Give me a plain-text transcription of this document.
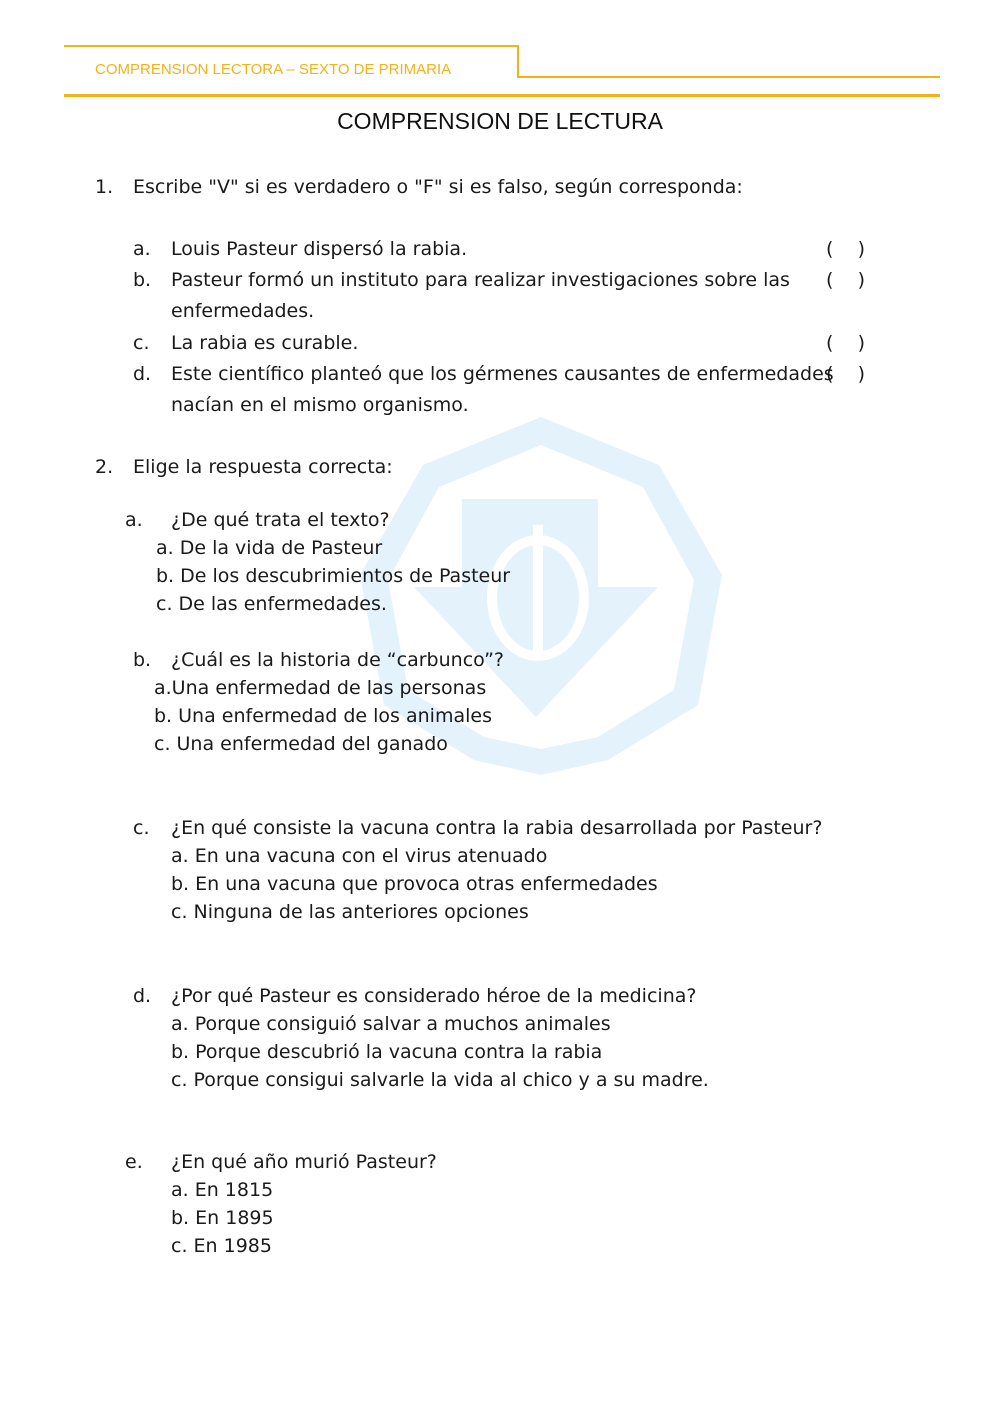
COMPRENSION LECTORA – SEXTO DE PRIMARIA
COMPRENSION DE LECTURA
1. Escribe "V" si es verdadero o "F" si es falso, según corresponda:
a. Louis Pasteur dispersó la rabia.	(    )
b. Pasteur formó un instituto para realizar investigaciones sobre las
enfermedades.
(    )
c. La rabia es curable.	(    )
d. Este científico planteó que los gérmenes causantes de enfermedades
nacían en el mismo organismo.
(    )
2. Elige la respuesta correcta:
a. ¿De qué trata el texto?
a. De la vida de Pasteur
b. De los descubrimientos de Pasteur
c. De las enfermedades.
b. ¿Cuál es la historia de “carbunco”?
a.Una enfermedad de las personas
b. Una enfermedad de los animales
c. Una enfermedad del ganado
c. ¿En qué consiste la vacuna contra la rabia desarrollada por Pasteur?
a. En una vacuna con el virus atenuado
b. En una vacuna que provoca otras enfermedades
c. Ninguna de las anteriores opciones
d. ¿Por qué Pasteur es considerado héroe de la medicina?
a. Porque consiguió salvar a muchos animales
b. Porque descubrió la vacuna contra la rabia
c. Porque consigui salvarle la vida al chico y a su madre.
e. ¿En qué año murió Pasteur?
a. En 1815
b. En 1895
c. En 1985
